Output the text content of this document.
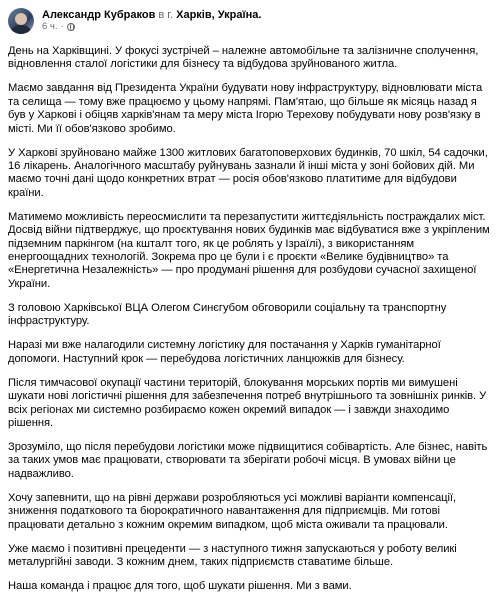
Александр Кубраков в г. Харків, Україна.
6 ч. ·

День на Харківщині. У фокусі зустрічей – належне автомобільне та залізничне сполучення, відновлення сталої логістики для бізнесу та відбудова зруйнованого житла.

Маємо завдання від Президента України будувати нову інфраструктуру, відновлювати міста та селища — тому вже працюємо у цьому напрямі. Пам'ятаю, що більше як місяць назад я був у Харкові і обіцяв харків'янам та меру міста Ігорю Терехову побудувати нову розв'язку в місті. Ми її обов'язково зробимо.

У Харкові зруйновано майже 1300 житлових багатоповерхових будинків, 70 шкіл, 54 садочки, 16 лікарень. Аналогічного масштабу руйнувань зазнали й інші міста у зоні бойових дій. Ми маємо точні дані щодо конкретних втрат — росія обов'язково платитиме для відбудови країни.

Матимемо можливість переосмислити та перезапустити життєдіяльність постраждалих міст. Досвід війни підтверджує, що проєктування нових будинків має відбуватися вже з укріпленим підземним паркінгом (на кшталт того, як це роблять у Ізраїлі), з використанням енергоощадних технологій. Зокрема про це були і є проєкти «Велике будівництво» та «Енергетична Незалежність» — про продумані рішення для розбудови сучасної захищеної України.

З головою Харківської ВЦА Олегом Синєгубом обговорили соціальну та транспортну інфраструктуру.

Наразі ми вже налагодили системну логістику для постачання у Харків гуманітарної допомоги. Наступний крок — перебудова логістичних ланцюжків для бізнесу.

Після тимчасової окупації частини територій, блокування морських портів ми вимушені шукати нові логістичні рішення для забезпечення потреб внутрішнього та зовнішніх ринків. У всіх регіонах ми системно розбираємо кожен окремий випадок — і завжди знаходимо рішення.

Зрозуміло, що після перебудови логістики може підвищитися собівартість. Але бізнес, навіть за таких умов має працювати, створювати та зберігати робочі місця. В умовах війни це надважливо.

Хочу запевнити, що на рівні держави розробляються усі можливі варіанти компенсації, зниження податкового та бюрократичного навантаження для підприємців. Ми готові працювати детально з кожним окремим випадком, щоб міста оживали та працювали.

Уже маємо і позитивні прецеденти — з наступного тижня запускаються у роботу великі металургійні заводи. З кожним днем, таких підприємств ставатиме більше.

Наша команда і працює для того, щоб шукати рішення. Ми з вами.
